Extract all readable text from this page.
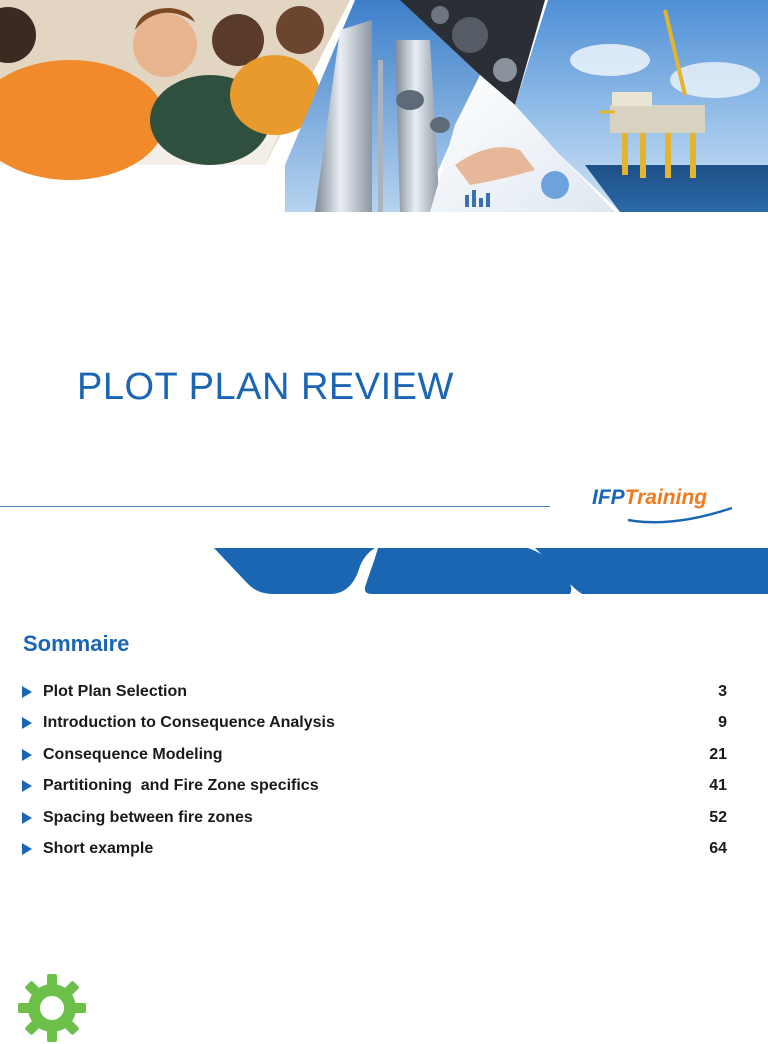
PLOT PLAN REVIEW
IFPTraining
Sommaire
Plot Plan Selection	3
Introduction to Consequence Analysis	9
Consequence Modeling	21
Partitioning  and Fire Zone specifics	41
Spacing between fire zones	52
Short example	64
